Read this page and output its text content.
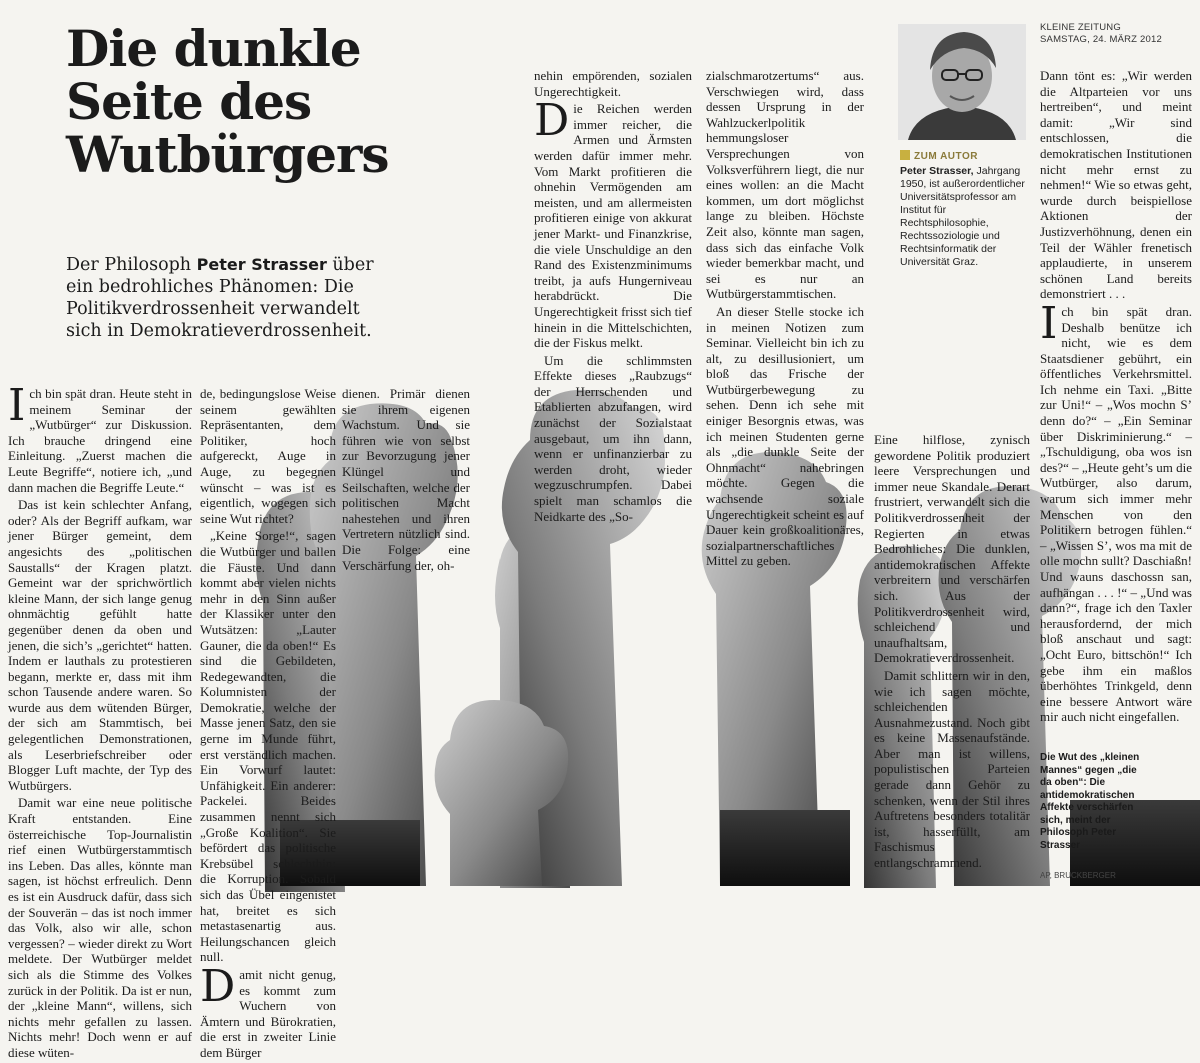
KLEINE ZEITUNG
SAMSTAG, 24. MÄRZ 2012
Die dunkle
Seite des
Wutbürgers
Der Philosoph Peter Strasser über ein bedrohliches Phänomen: Die Politikverdrossenheit verwandelt sich in Demokratieverdrossenheit.

Ich bin spät dran. Heute steht in meinem Seminar der „Wutbürger“ zur Diskussion. Ich brauche dringend eine Einleitung. „Zuerst machen die Leute Begriffe“, notiere ich, „und dann machen die Begriffe Leute.“

Das ist kein schlechter Anfang, oder? Als der Begriff aufkam, war jener Bürger gemeint, dem angesichts des „politischen Saustalls“ der Kragen platzt. Gemeint war der sprichwörtlich kleine Mann, der sich lange genug ohnmächtig gefühlt hatte gegenüber denen da oben und jenen, die sich’s „gerichtet“ hatten. Indem er lauthals zu protestieren begann, merkte er, dass mit ihm schon Tausende andere waren. So wurde aus dem wütenden Bürger, der sich am Stammtisch, bei gelegentlichen Demonstrationen, als Leserbriefschreiber oder Blogger Luft machte, der Typ des Wutbürgers.

Damit war eine neue politische Kraft entstanden. Eine österreichische Top-Journalistin rief einen Wutbürgerstammtisch ins Leben. Das alles, könnte man sagen, ist höchst erfreulich. Denn es ist ein Ausdruck dafür, dass sich der Souverän – das ist noch immer das Volk, also wir alle, schon vergessen? – wieder direkt zu Wort meldete. Der Wutbürger meldet sich als die Stimme des Volkes zurück in der Politik. Da ist er nun, der „kleine Mann“, willens, sich nichts mehr gefallen zu lassen. Nichts mehr! Doch wenn er auf diese wüten-

de, bedingungslose Weise seinem gewählten Repräsentanten, dem Politiker, hoch aufgereckt, Auge in Auge, zu begegnen wünscht – was ist es eigentlich, wogegen sich seine Wut richtet?

„Keine Sorge!“, sagen die Wutbürger und ballen die Fäuste. Und dann kommt aber vielen nichts mehr in den Sinn außer der Klassiker unter den Wutsätzen: „Lauter Gauner, die da oben!“ Es sind die Gebildeten, Redegewandten, die Kolumnisten der Demokratie, welche der Masse jenen Satz, den sie gerne im Munde führt, erst verständlich machen. Ein Vorwurf lautet: Unfähigkeit. Ein anderer: Packelei. Beides zusammen nennt sich „Große Koalition“. Sie befördert das politische Krebsübel schlechthin: die Korruption. Sobald sich das Übel eingenistet hat, breitet es sich metastasenartig aus. Heilungschancen gleich null.

Damit nicht genug, es kommt zum Wuchern von Ämtern und Bürokratien, die erst in zweiter Linie dem Bürger

dienen. Primär dienen sie ihrem eigenen Wachstum. Und sie führen wie von selbst zur Bevorzugung jener Klüngel und Seilschaften, welche der politischen Macht nahestehen und ihren Vertretern nützlich sind. Die Folge: eine Verschärfung der, oh-

nehin empörenden, sozialen Ungerechtigkeit.

Die Reichen werden immer reicher, die Armen und Ärmsten werden dafür immer mehr. Vom Markt profitieren die ohnehin Vermögenden am meisten, und am allermeisten profitieren einige von akkurat jener Markt- und Finanzkrise, die viele Unschuldige an den Rand des Existenzminimums treibt, ja aufs Hungerniveau herabdrückt. Die Ungerechtigkeit frisst sich tief hinein in die Mittelschichten, die der Fiskus melkt.

Um die schlimmsten Effekte dieses „Raubzugs“ der Herrschenden und Etablierten abzufangen, wird zunächst der Sozialstaat ausgebaut, um ihn dann, wenn er unfinanzierbar zu werden droht, wieder wegzuschrumpfen. Dabei spielt man schamlos die Neidkarte des „So-

zialschmarotzertums“ aus. Verschwiegen wird, dass dessen Ursprung in der Wahlzuckerlpolitik hemmungsloser Versprechungen von Volksverführern liegt, die nur eines wollen: an die Macht kommen, um dort möglichst lange zu bleiben. Höchste Zeit also, könnte man sagen, dass sich das einfache Volk wieder bemerkbar macht, und sei es nur an Wutbürgerstammtischen.

An dieser Stelle stocke ich in meinen Notizen zum Seminar. Vielleicht bin ich zu alt, zu desillusioniert, um bloß das Frische der Wutbürgerbewegung zu sehen. Denn ich sehe mit einiger Besorgnis etwas, was ich meinen Studenten gerne als „die dunkle Seite der Ohnmacht“ nahebringen möchte. Gegen die wachsende soziale Ungerechtigkeit scheint es auf Dauer kein großkoalitionäres, sozialpartnerschaftliches Mittel zu geben.

ZUM AUTOR
Peter Strasser, Jahrgang 1950, ist außerordentlicher Universitätsprofessor am Institut für Rechtsphilosophie, Rechtssoziologie und Rechtsinformatik der Universität Graz.

Eine hilflose, zynisch gewordene Politik produziert leere Versprechungen und immer neue Skandale. Derart frustriert, verwandelt sich die Politikverdrossenheit der Regierten in etwas Bedrohliches: Die dunklen, antidemokratischen Affekte verbreitern und verschärfen sich. Aus der Politikverdrossenheit wird, schleichend und unaufhaltsam, Demokratieverdrossenheit.

Damit schlittern wir in den, wie ich sagen möchte, schleichenden Ausnahmezustand. Noch gibt es keine Massenaufstände. Aber man ist willens, populistischen Parteien gerade dann Gehör zu schenken, wenn der Stil ihres Auftretens besonders totalitär ist, hasserfüllt, am Faschismus entlangschrammend.

Dann tönt es: „Wir werden die Altparteien vor uns hertreiben“, und meint damit: „Wir sind entschlossen, die demokratischen Institutionen nicht mehr ernst zu nehmen!“ Wie so etwas geht, wurde durch beispiellose Aktionen der Justizverhöhnung, denen ein Teil der Wähler frenetisch applaudierte, in unserem schönen Land bereits demonstriert . . .

Ich bin spät dran. Deshalb benütze ich nicht, wie es dem Staatsdiener gebührt, ein öffentliches Verkehrsmittel. Ich nehme ein Taxi. „Bitte zur Uni!“ – „Wos mochn S’ denn do?“ – „Ein Seminar über Diskriminierung.“ – „Tschuldigung, oba wos isn des?“ – „Heute geht’s um die Wutbürger, also darum, warum sich immer mehr Menschen von den Politikern betrogen fühlen.“ – „Wissen S’, wos ma mit de olle mochn sullt? Daschiaßn! Und wauns daschossn san, aufhängan . . . !“ – „Und was dann?“, frage ich den Taxler herausfordernd, der mich bloß anschaut und sagt: „Ocht Euro, bittschön!“ Ich gebe ihm ein maßlos überhöhtes Trinkgeld, denn eine bessere Antwort wäre mir auch nicht eingefallen.

Die Wut des „kleinen Mannes“ gegen „die da oben“: Die antidemokratischen Affekte verschärfen sich, meint der Philosoph Peter Strasser
AP, BRUCKBERGER
